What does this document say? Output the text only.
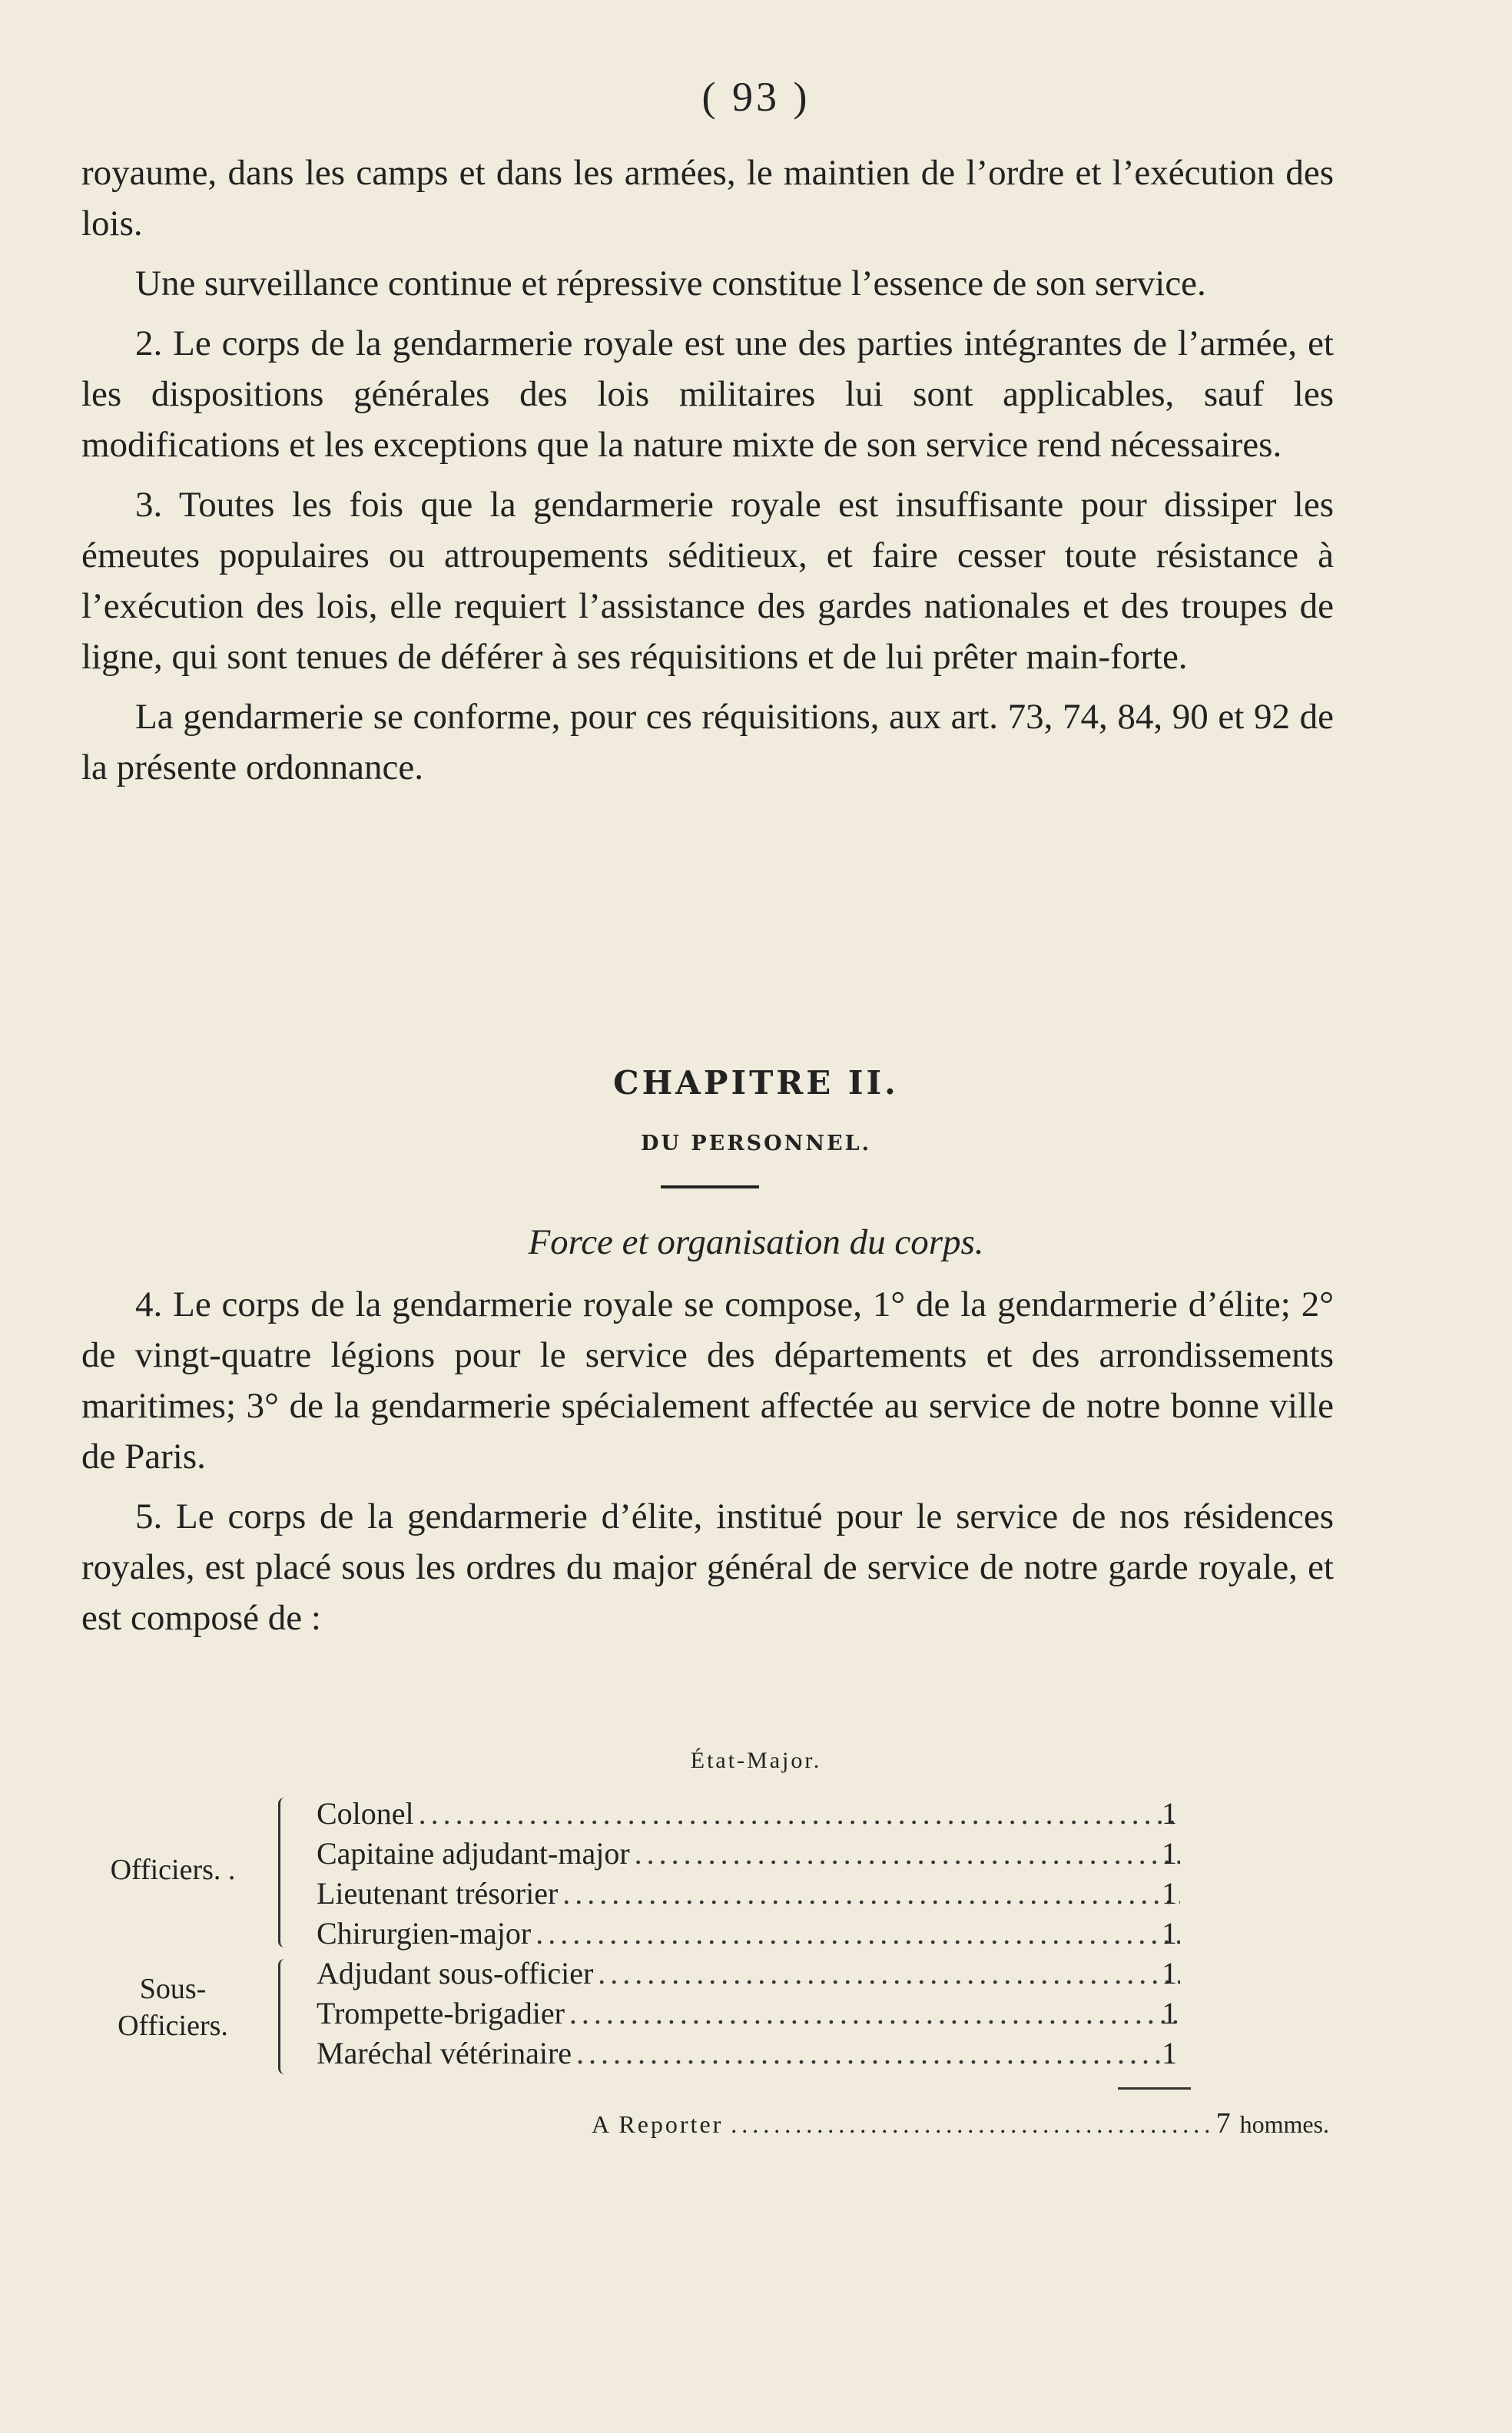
( 93 )

royaume, dans les camps et dans les armées, le maintien de l’ordre et l’exécution des lois.

Une surveillance continue et répressive constitue l’essence de son service.

2. Le corps de la gendarmerie royale est une des parties intégrantes de l’armée, et les dispositions générales des lois militaires lui sont applicables, sauf les modifications et les exceptions que la nature mixte de son service rend nécessaires.

3. Toutes les fois que la gendarmerie royale est insuffisante pour dissiper les émeutes populaires ou attroupements séditieux, et faire cesser toute résistance à l’exécution des lois, elle requiert l’assistance des gardes nationales et des troupes de ligne, qui sont tenues de déférer à ses réquisitions et de lui prêter main-forte.

La gendarmerie se conforme, pour ces réquisitions, aux art. 73, 74, 84, 90 et 92 de la présente ordonnance.

CHAPITRE II.
DU PERSONNEL.
Force et organisation du corps.

4. Le corps de la gendarmerie royale se compose, 1° de la gendarmerie d’élite; 2° de vingt-quatre légions pour le service des départements et des arrondissements maritimes; 3° de la gendarmerie spécialement affectée au service de notre bonne ville de Paris.

5. Le corps de la gendarmerie d’élite, institué pour le service de nos résidences royales, est placé sous les ordres du major général de service de notre garde royale, et est composé de :

État-Major.
Officiers. .
Colonel .....	1
Capitaine adjudant-major .....	1
Lieutenant trésorier .....	1
Chirurgien-major .....	1
Sous-
Officiers.
Adjudant sous-officier .....	1
Trompette-brigadier .....	1
Maréchal vétérinaire .....	1
A Reporter .....	7 hommes.
